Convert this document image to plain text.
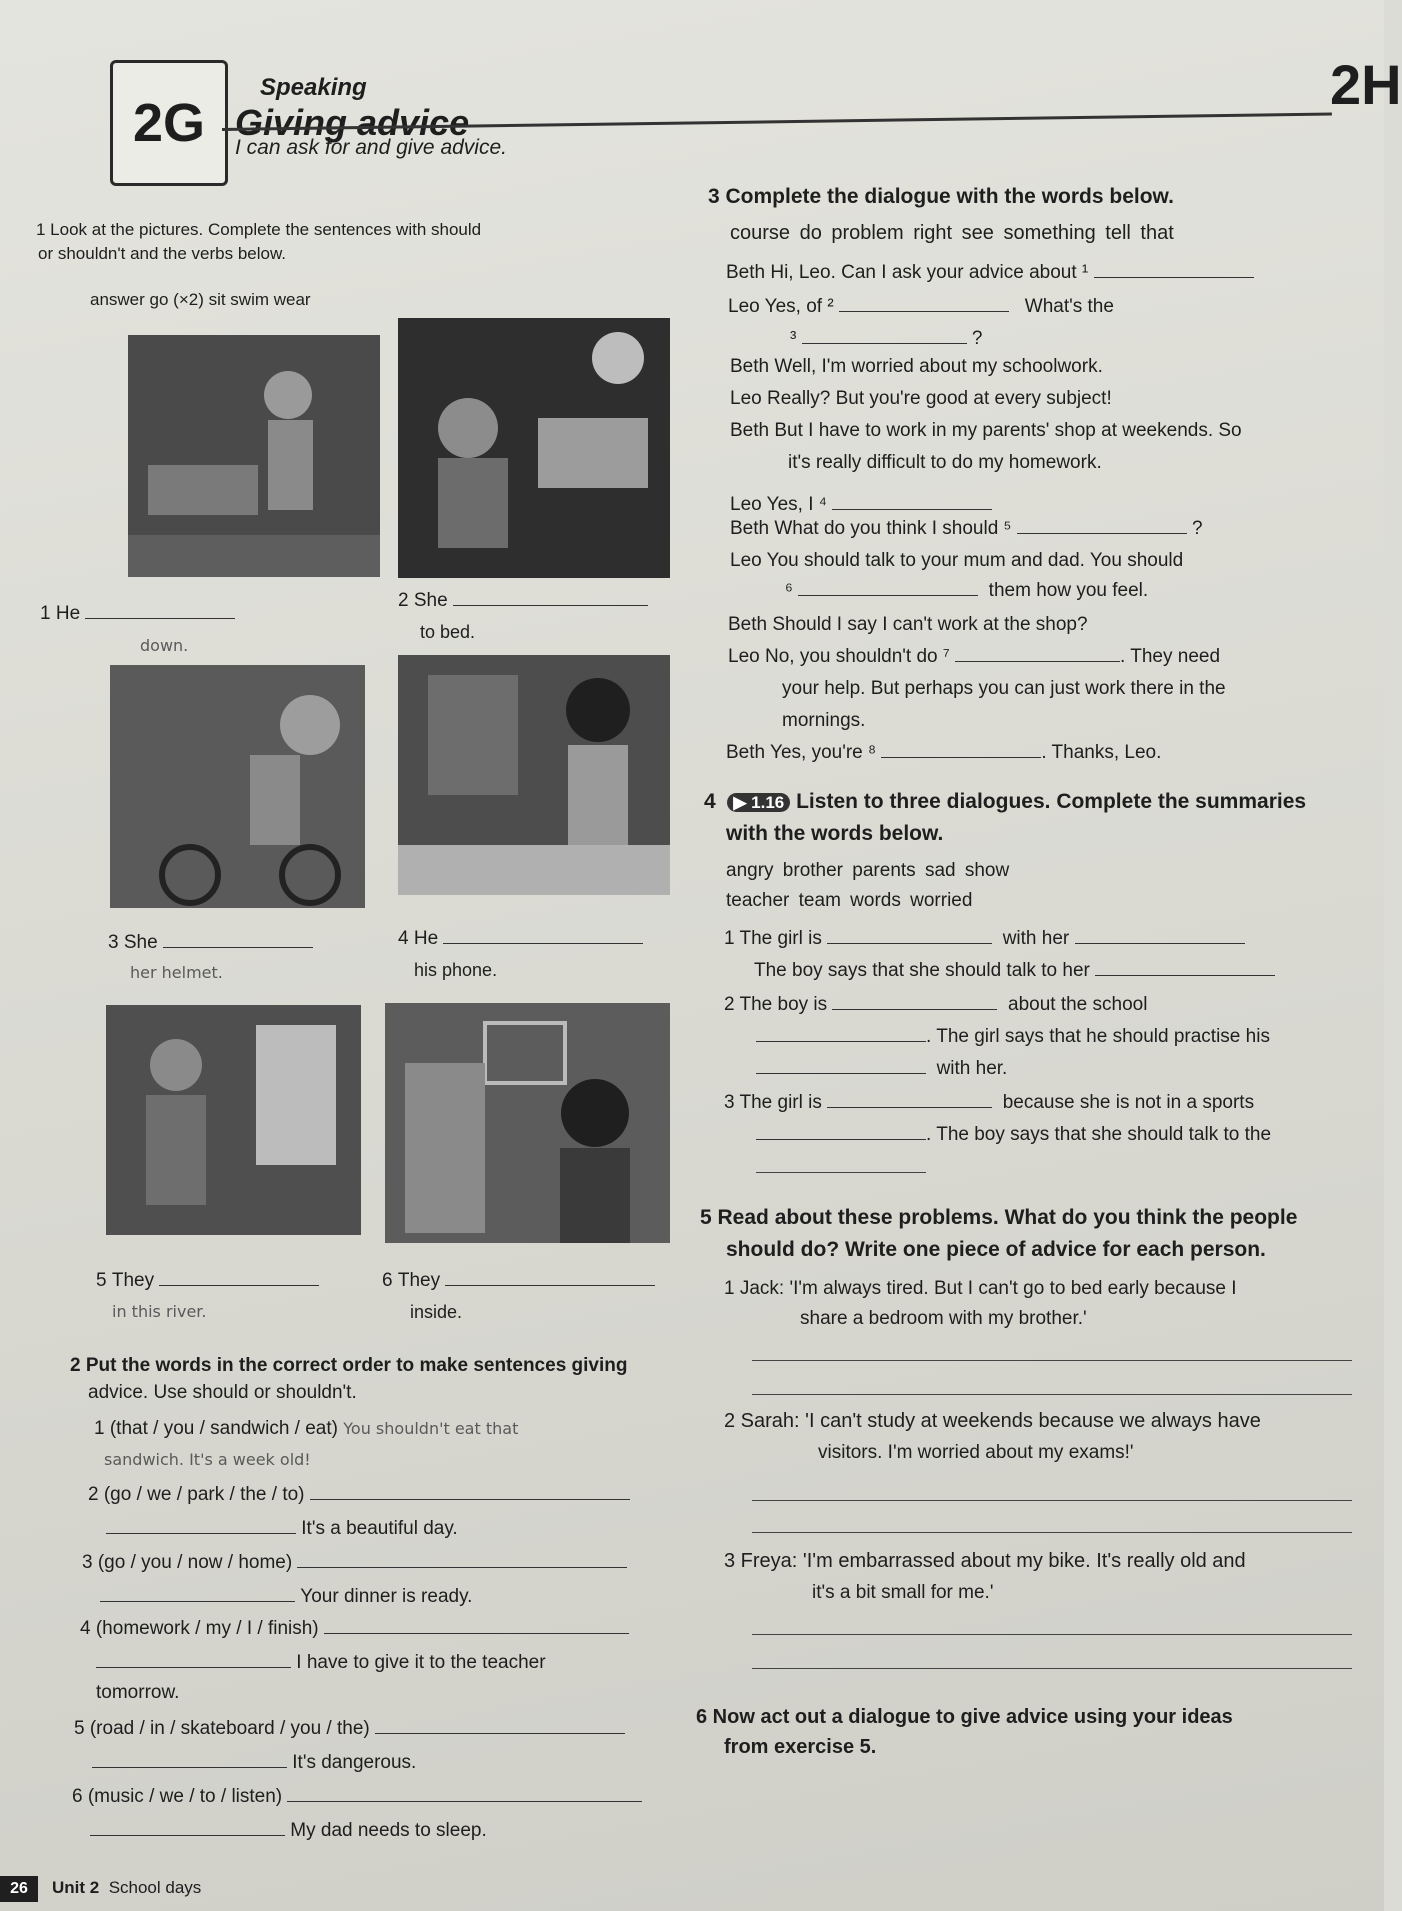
2G
Speaking
Giving advice
I can ask for and give advice.
2H
1 Look at the pictures. Complete the sentences with should
or shouldn't and the verbs below.
answer go (×2) sit swim wear
1 He
down.
2 She
to bed.
3 She
her helmet.
4 He
his phone.
5 They
in this river.
6 They
inside.
2 Put the words in the correct order to make sentences giving
advice. Use should or shouldn't.
1 (that / you / sandwich / eat) You shouldn't eat that
sandwich. It's a week old!
2 (go / we / park / the / to)
It's a beautiful day.
3 (go / you / now / home)
Your dinner is ready.
4 (homework / my / I / finish)
I have to give it to the teacher
tomorrow.
5 (road / in / skateboard / you / the)
It's dangerous.
6 (music / we / to / listen)
My dad needs to sleep.
3 Complete the dialogue with the words below.
course do problem right see something tell that
Beth Hi, Leo. Can I ask your advice about ¹
Leo Yes, of ²	What's the
³	?
Beth Well, I'm worried about my schoolwork.
Leo Really? But you're good at every subject!
Beth But I have to work in my parents' shop at weekends. So
it's really difficult to do my homework.
Leo Yes, I ⁴
Beth What do you think I should ⁵	?
Leo You should talk to your mum and dad. You should
⁶	them how you feel.
Beth Should I say I can't work at the shop?
Leo No, you shouldn't do ⁷	. They need
your help. But perhaps you can just work there in the
mornings.
Beth Yes, you're ⁸	. Thanks, Leo.
4 ▶ 1.16 Listen to three dialogues. Complete the summaries
with the words below.
angry brother parents sad show
teacher team words worried
1 The girl is	with her
The boy says that she should talk to her
2 The boy is	about the school
. The girl says that he should practise his
with her.
3 The girl is	because she is not in a sports
. The boy says that she should talk to the
5 Read about these problems. What do you think the people
should do? Write one piece of advice for each person.
1 Jack: 'I'm always tired. But I can't go to bed early because I
share a bedroom with my brother.'
2 Sarah: 'I can't study at weekends because we always have
visitors. I'm worried about my exams!'
3 Freya: 'I'm embarrassed about my bike. It's really old and
it's a bit small for me.'
6 Now act out a dialogue to give advice using your ideas
from exercise 5.
26	Unit 2 School days
